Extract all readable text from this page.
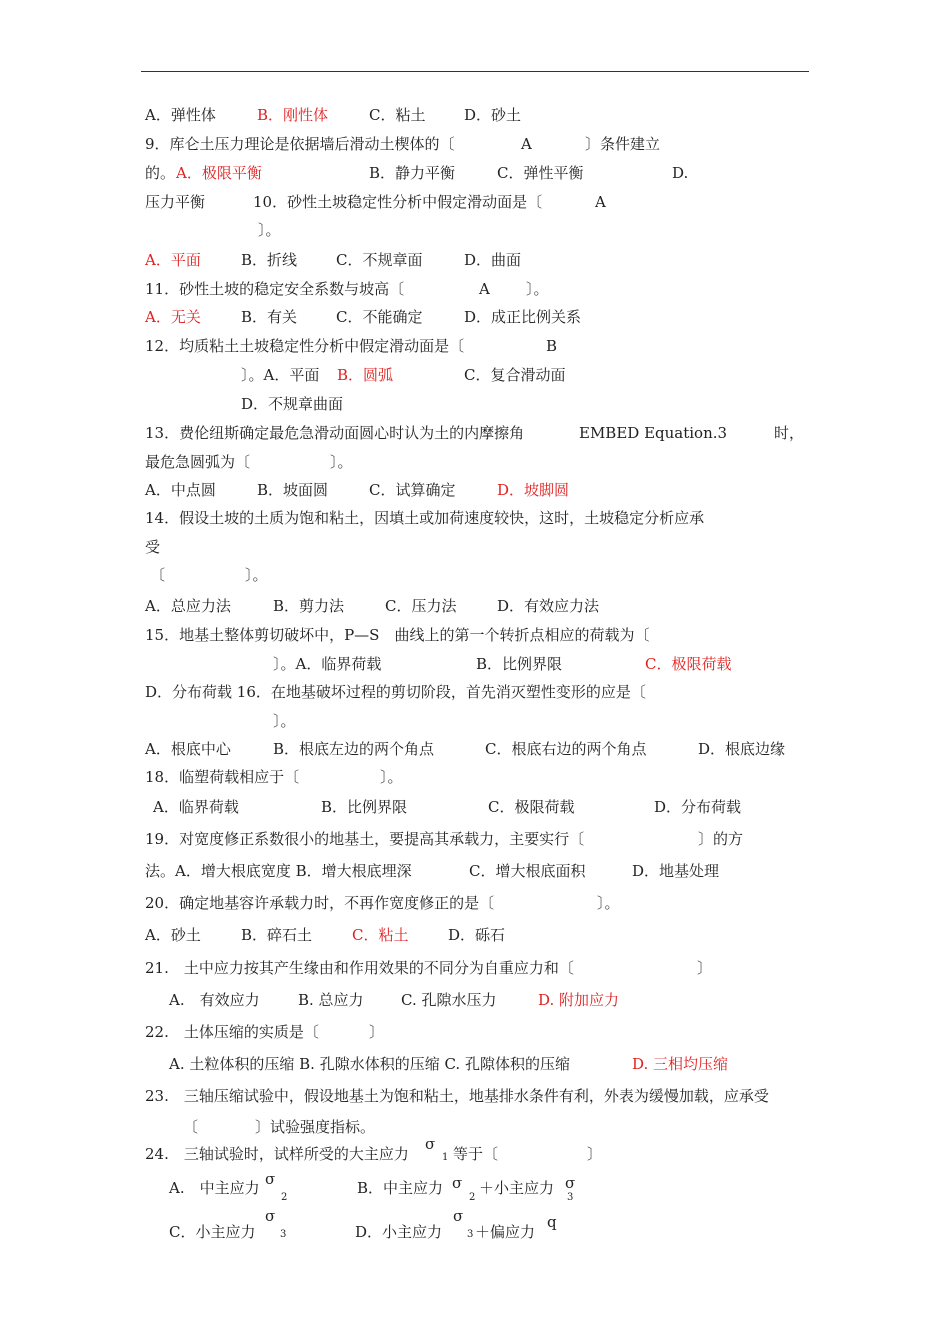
A．弹性体	B．刚性体	C．粘土	D．砂土
9．库仑土压力理论是依据墙后滑动土楔体的〔	A	〕条件建立
的。 A．极限平衡	B．静力平衡	C．弹性平衡	D.
压力平衡	10．砂性土坡稳定性分析中假定滑动面是〔	A
〕。
A．平面	B．折线	C．不规章面	D．曲面
11．砂性土坡的稳定安全系数与坡高〔	A 〕。
A．无关	B．有关	C．不能确定	D．成正比例关系
12．均质粘土土坡稳定性分析中假定滑动面是〔	B
〕。A．平面 B．圆弧	C．复合滑动面
D．不规章曲面
13．费伦纽斯确定最危急滑动面圆心时认为土的内摩擦角	EMBED Equation.3	时，
最危急圆弧为〔	〕。
A．中点圆	B．坡面圆	C．试算确定	D．坡脚圆
14．假设土坡的土质为饱和粘土，因填土或加荷速度较快，这时，土坡稳定分析应承
受
〔	〕。
A．总应力法	B．剪力法	C．压力法	D．有效应力法
15．地基土整体剪切破坏中，P—S　曲线上的第一个转折点相应的荷载为〔
〕。A．临界荷载	B．比例界限	C．极限荷载
D．分布荷载 16．在地基破坏过程的剪切阶段，首先消灭塑性变形的应是〔
〕。
A．根底中心	B．根底左边的两个角点	C．根底右边的两个角点	D．根底边缘
18．临塑荷载相应于〔	〕。
A．临界荷载	B．比例界限	C．极限荷载	D．分布荷载
19．对宽度修正系数很小的地基土，要提高其承载力，主要实行〔	〕的方
法。A．增大根底宽度 B．增大根底埋深	C．增大根底面积	D．地基处理
20．确定地基容许承载力时，不再作宽度修正的是〔	〕。
A．砂土	B．碎石土	C．粘土	D．砾石
21.　土中应力按其产生缘由和作用效果的不同分为自重应力和〔	〕
A.　有效应力	B. 总应力 C. 孔隙水压力	D. 附加应力
22.　土体压缩的实质是〔	〕
A. 土粒体积的压缩 B. 孔隙水体积的压缩 C. 孔隙体积的压缩	D. 三相均压缩
23.　三轴压缩试验中，假设地基土为饱和粘土，地基排水条件有利，外表为缓慢加载，应承受
〔	〕试验强度指标。
24.　三轴试验时，试样所受的大主应力	等于〔	〕
A.　中主应力	B．中主应力 ＋小主应力
C．小主应力	D．小主应力 ＋偏应力
σ
1
σ
2
σ
2
σ
3
σ
3
σ
3
q
